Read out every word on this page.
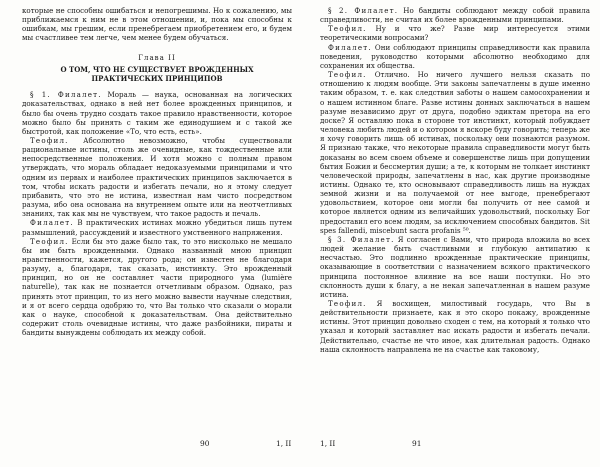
которые не способны ошибаться и непогрешимы. Но к сожалению, мы приближаемся к ним не в этом отношении, и, пока мы способны к ошибкам, мы грешим, если пренебрегаем приобретением его, и будем мы счастливее тем легче, чем менее будем обучаться.

Глава II
О ТОМ, ЧТО НЕ СУЩЕСТВУЕТ ВРОЖДЕННЫХ ПРАКТИЧЕСКИХ ПРИНЦИПОВ

§ 1. Филалет. Мораль — наука, основанная на логических доказательствах, однако в ней нет более врожденных принципов, и было бы очень трудно создать такое правило нравственности, которое можно было бы принять с таким же единодушием и с такой же быстротой, как положение «То, что есть, есть».

Теофил. Абсолютно невозможно, чтобы существовали рациональные истины, столь же очевидные, как тождественные или непосредственные положения. И хотя можно с полным правом утверждать, что мораль обладает недоказуемыми принципами и что одним из первых и наиболее практических принципов заключается в том, чтобы искать радости и избегать печали, но я этому следует прибавить, что это не истина, известная нам чисто посредством разума, ибо она основана на внутреннем опыте или на неотчетливых знаниях, так как мы не чувствуем, что такое радость и печаль.

Филалет. В практических истинах можно убедиться лишь путем размышлений, рассуждений и известного умственного напряжения.

Теофил. Если бы это даже было так, то это нисколько не мешало бы им быть врожденными. Однако названный мною принцип нравственности, кажется, другого рода; он известен не благодаря разуму, а, благодаря, так сказать, инстинкту. Это врожденный принцип, но он не составляет части природного ума (lumière naturelle), так как не познается отчетливым образом. Однако, раз принять этот принцип, то из него можно вывести научные следствия, и я от всего сердца одобряю то, что Вы только что сказали о морали как о науке, способной к доказательствам. Она действительно содержит столь очевидные истины, что даже разбойники, пираты и бандиты вынуждены соблюдать их между собой.

90	1, II

§ 2. Филалет. Но бандиты соблюдают между собой правила справедливости, не считая их более врожденными принципами.

Теофил. Ну и что же? Разве мир интересуется этими теоретическими вопросами?

Филалет. Они соблюдают принципы справедливости как правила поведения, руководство которыми абсолютно необходимо для сохранения их общества.

Теофил. Отлично. Но ничего лучшего нельзя сказать по отношению к людям вообще. Эти законы запечатлены в душе именно таким образом, т. е. как следствия заботы о нашем самосохранении и о нашем истинном благе. Разве истины донных заключаться в нашем разуме независимо друг от друга, подобно эдиктам претора на его доске? Я оставляю пока в стороне тот инстинкт, который побуждает человека любить людей и о котором я вскоре буду говорить; теперь же я хочу говорить лишь об истинах, поскольку они познаются разумом. Я признаю также, что некоторые правила справедливости могут быть доказаны во всем своем объеме и совершенстве лишь при допущении бытия Божия и бессмертия души; а те, к которым не толкает инстинкт человеческой природы, запечатлены в нас, как другие производные истины. Однако те, кто основывают справедливость лишь на нуждах земной жизни и на получаемой от нее выгоде, пренебрегают удовольствием, которое они могли бы получить от нее самой и которое является одним из величайших удовольствий, поскольку Бог предоставил его всем людям, за исключением способных бандитов. Sit spes fallendi, miscebunt sacra profanis ⁵⁰.

§ 3. Филалет. Я согласен с Вами, что природа вложила во всех людей желание быть счастливыми и глубокую антипатию к несчастью. Это подлинно врожденные практические принципы, оказывающие в соответствии с назначением всякого практического принципа постоянное влияние на все наши поступки. Но это склонность души к благу, а не некая запечатленная в нашем разуме истина.

Теофил. Я восхищен, милостивый государь, что Вы в действительности признаете, как я это скоро покажу, врожденные истины. Этот принцип довольно сходен с тем, на который я только что указал и который заставляет нас искать радости и избегать печали. Действительно, счастье не что иное, как длительная радость. Однако наша склонность направлена не на счастье как таковому,

1, II	91
